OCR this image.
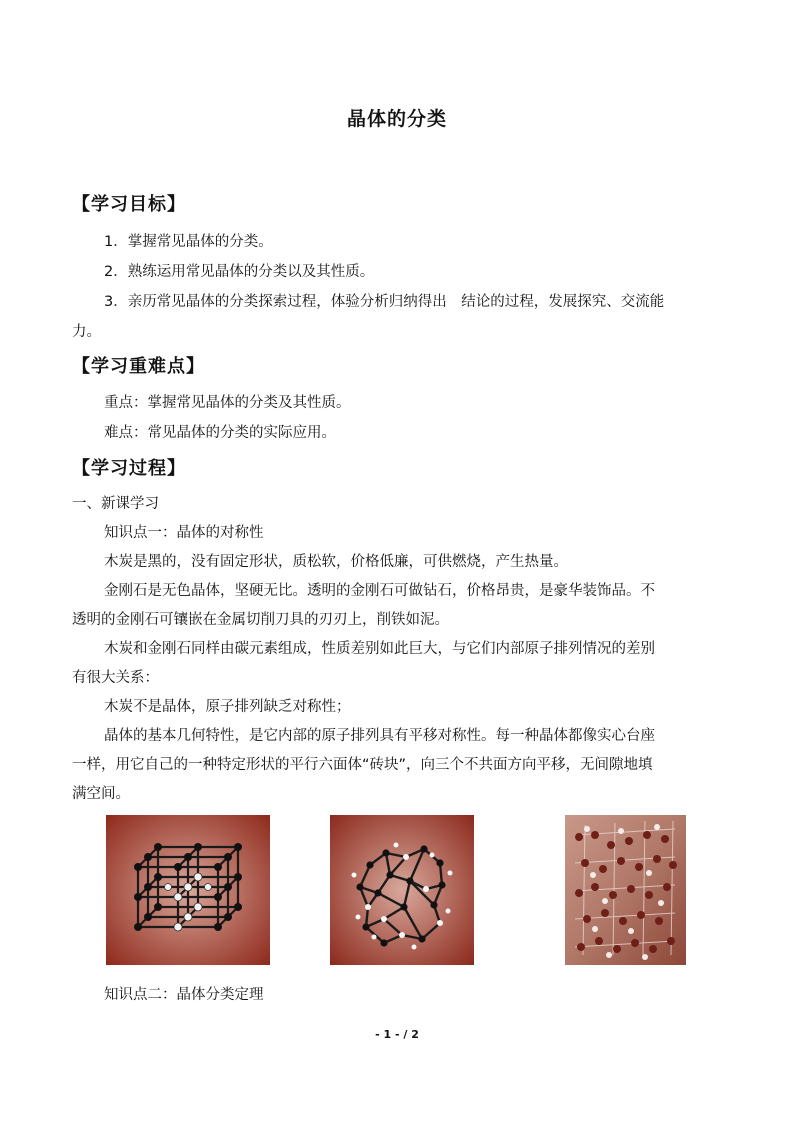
晶体的分类
【学习目标】
1．掌握常见晶体的分类。
2．熟练运用常见晶体的分类以及其性质。
3．亲历常见晶体的分类探索过程，体验分析归纳得出　结论的过程，发展探究、交流能
力。
【学习重难点】
重点：掌握常见晶体的分类及其性质。
难点：常见晶体的分类的实际应用。
【学习过程】
一、新课学习
知识点一：晶体的对称性
木炭是黑的，没有固定形状，质松软，价格低廉，可供燃烧，产生热量。
金刚石是无色晶体，坚硬无比。透明的金刚石可做钻石，价格昂贵，是豪华装饰品。不
透明的金刚石可镶嵌在金属切削刀具的刃刃上，削铁如泥。
木炭和金刚石同样由碳元素组成，性质差别如此巨大，与它们内部原子排列情况的差别
有很大关系：
木炭不是晶体，原子排列缺乏对称性；
晶体的基本几何特性，是它内部的原子排列具有平移对称性。每一种晶体都像实心台座
一样，用它自己的一种特定形状的平行六面体“砖块”，向三个不共面方向平移，无间隙地填
满空间。
知识点二：晶体分类定理
- 1 - / 2
